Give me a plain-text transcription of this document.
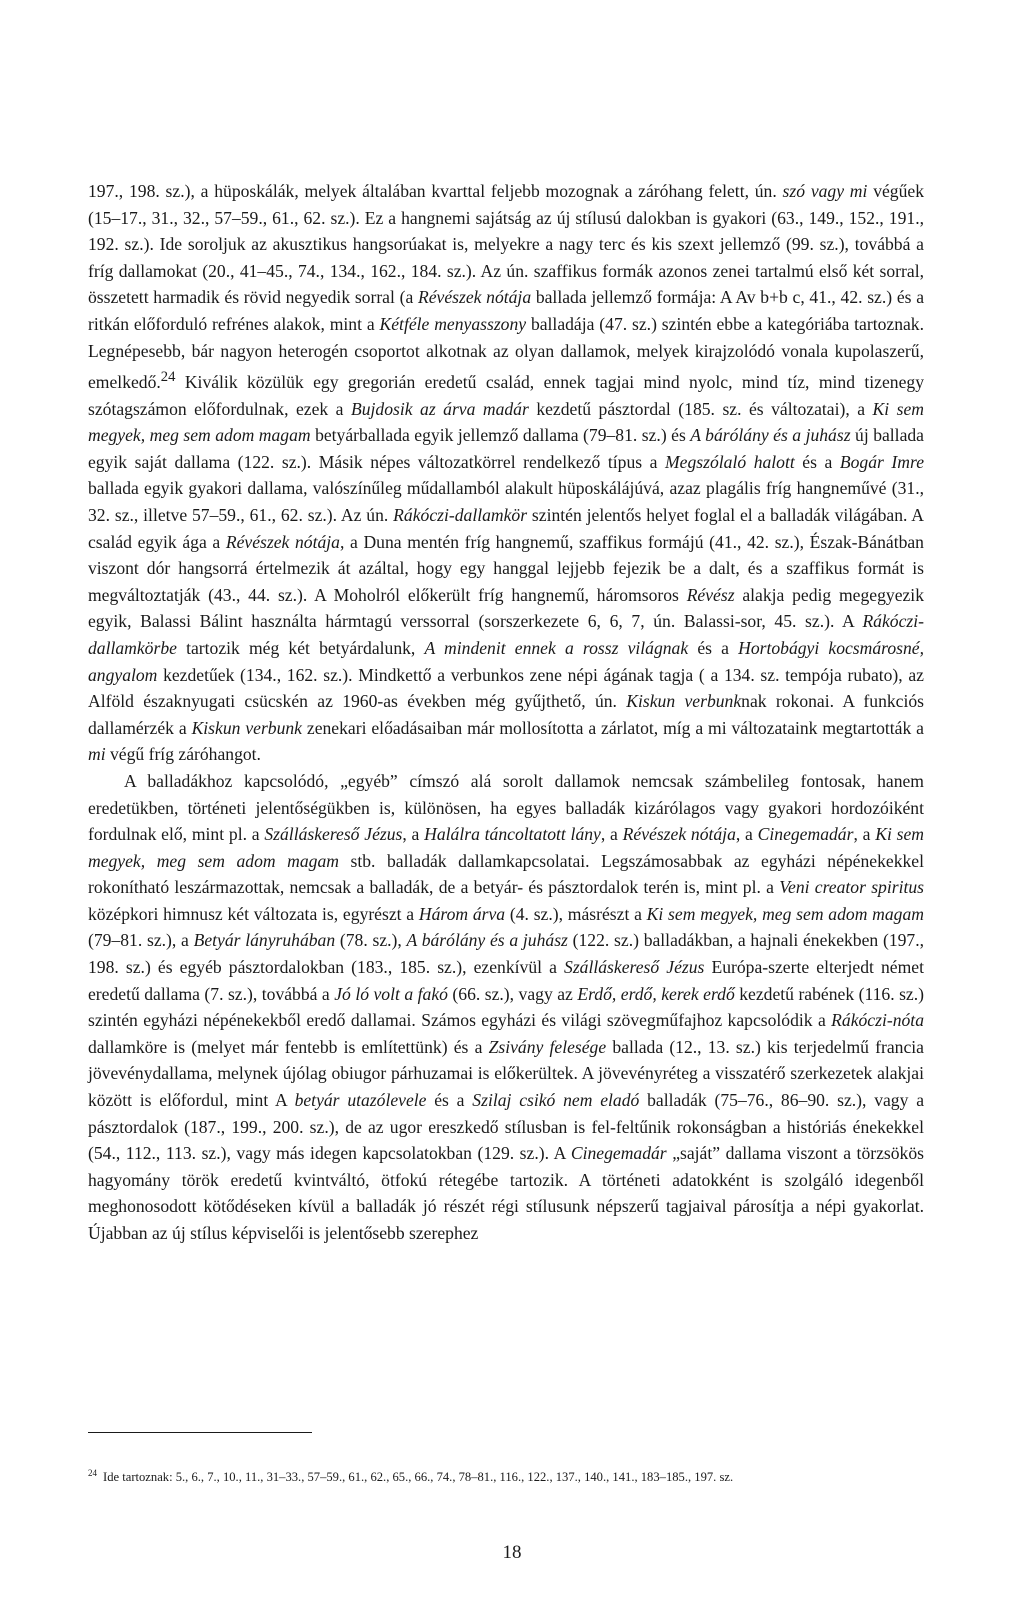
197., 198. sz.), a hüposkálák, melyek általában kvarttal feljebb mozognak a záróhang felett, ún. szó vagy mi végűek (15–17., 31., 32., 57–59., 61., 62. sz.). Ez a hangnemi sajátság az új stílusú dalokban is gyakori (63., 149., 152., 191., 192. sz.). Ide soroljuk az akusztikus hangsorúakat is, melyekre a nagy terc és kis szext jellemző (99. sz.), továbbá a fríg dallamokat (20., 41–45., 74., 134., 162., 184. sz.). Az ún. szaffikus formák azonos zenei tartalmú első két sorral, összetett harmadik és rövid negyedik sorral (a Révészek nótája ballada jellemző formája: A Av b+b c, 41., 42. sz.) és a ritkán előforduló refrénes alakok, mint a Kétféle menyasszony balladája (47. sz.) szintén ebbe a kategóriába tartoznak. Legnépesebb, bár nagyon heterogén csoportot alkotnak az olyan dallamok, melyek kirajzolódó vonala kupolaszerű, emelkedő.$^{24}$ Kiválik közülük egy gregorián eredetű család, ennek tagjai mind nyolc, mind tíz, mind tizenegy szótagszámon előfordulnak, ezek a Bujdosik az árva madár kezdetű pásztordal (185. sz. és változatai), a Ki sem megyek, meg sem adom magam betyárballada egyik jellemző dallama (79–81. sz.) és A bárólány és a juhász új ballada egyik saját dallama (122. sz.). Másik népes változatkörrel rendelkező típus a Megszólaló halott és a Bogár Imre ballada egyik gyakori dallama, valószínűleg műdallamból alakult hüposkálájúvá, azaz plagális fríg hangneművé (31., 32. sz., illetve 57–59., 61., 62. sz.). Az ún. Rákóczi-dallamkör szintén jelentős helyet foglal el a balladák világában. A család egyik ága a Révészek nótája, a Duna mentén fríg hangnemű, szaffikus formájú (41., 42. sz.), Észak-Bánátban viszont dór hangsorrá értelmezik át azáltal, hogy egy hanggal lejjebb fejezik be a dalt, és a szaffikus formát is megváltoztatják (43., 44. sz.). A Moholról előkerült fríg hangnemű, háromsoros Révész alakja pedig megegyezik egyik, Balassi Bálint használta hármtagú verssorral (sorszerkezete 6, 6, 7, ún. Balassi-sor, 45. sz.). A Rákóczi-dallamkörbe tartozik még két betyárdalunk, A mindenit ennek a rossz világnak és a Hortobágyi kocsmárosné, angyalom kezdetűek (134., 162. sz.). Mindkettő a verbunkos zene népi ágának tagja ( a 134. sz. tempója rubato), az Alföld északnyugati csücskén az 1960-as években még gyűjthető, ún. Kiskun verbunknak rokonai. A funkciós dallamérzék a Kiskun verbunk zenekari előadásaiban már mollosította a zárlatot, míg a mi változataink megtartották a mi végű fríg záróhangot.

A balladákhoz kapcsolódó, „egyéb” címszó alá sorolt dallamok nemcsak számbelileg fontosak, hanem eredetükben, történeti jelentőségükben is, különösen, ha egyes balladák kizárólagos vagy gyakori hordozóiként fordulnak elő, mint pl. a Szálláskereső Jézus, a Halálra táncoltatott lány, a Révészek nótája, a Cinegemadár, a Ki sem megyek, meg sem adom magam stb. balladák dallamkapcsolatai. Legszámosabbak az egyházi népénekekkel rokonítható leszármazottak, nemcsak a balladák, de a betyár- és pásztordalok terén is, mint pl. a Veni creator spiritus középkori himnusz két változata is, egyrészt a Három árva (4. sz.), másrészt a Ki sem megyek, meg sem adom magam (79–81. sz.), a Betyár lányruhában (78. sz.), A bárólány és a juhász (122. sz.) balladákban, a hajnali énekekben (197., 198. sz.) és egyéb pásztordalokban (183., 185. sz.), ezenkívül a Szálláskereső Jézus Európa-szerte elterjedt német eredetű dallama (7. sz.), továbbá a Jó ló volt a fakó (66. sz.), vagy az Erdő, erdő, kerek erdő kezdetű rabének (116. sz.) szintén egyházi népénekekből eredő dallamai. Számos egyházi és világi szövegműfajhoz kapcsolódik a Rákóczi-nóta dallamköre is (melyet már fentebb is említettünk) és a Zsivány felesége ballada (12., 13. sz.) kis terjedelmű francia jövevénydallama, melynek újólag obiugor párhuzamai is előkerültek. A jövevényréteg a visszatérő szerkezetek alakjai között is előfordul, mint A betyár utazólevele és a Szilaj csikó nem eladó balladák (75–76., 86–90. sz.), vagy a pásztordalok (187., 199., 200. sz.), de az ugor ereszkedő stílusban is fel-feltűnik rokonságban a históriás énekekkel (54., 112., 113. sz.), vagy más idegen kapcsolatokban (129. sz.). A Cinegemadár „saját” dallama viszont a törzsökös hagyomány török eredetű kvintváltó, ötfokú rétegébe tartozik. A történeti adatokként is szolgáló idegenből meghonosodott kötődéseken kívül a balladák jó részét régi stílusunk népszerű tagjaival párosítja a népi gyakorlat. Újabban az új stílus képviselői is jelentősebb szerephez

$^{24}$ Ide tartoznak: 5., 6., 7., 10., 11., 31–33., 57–59., 61., 62., 65., 66., 74., 78–81., 116., 122., 137., 140., 141., 183–185., 197. sz.
18
